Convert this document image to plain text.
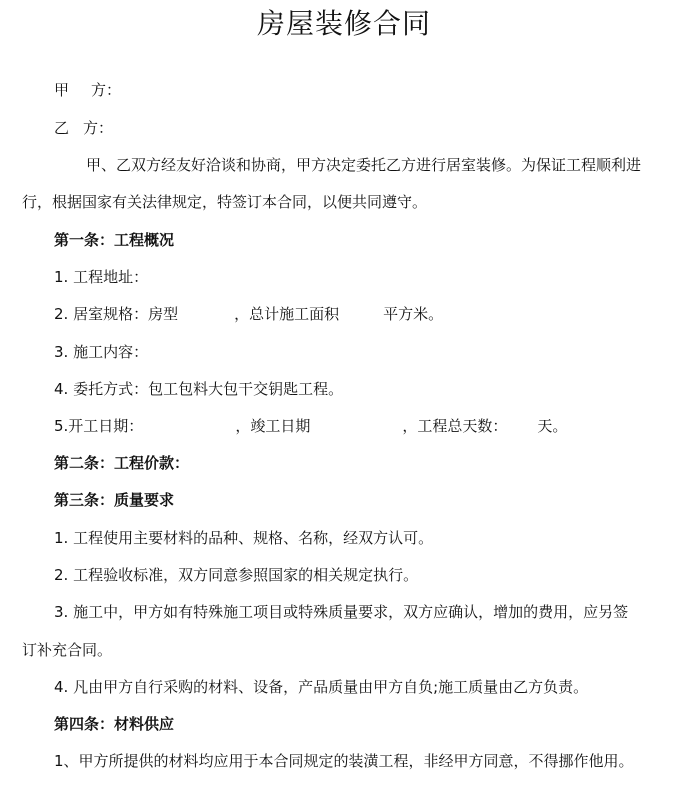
房屋装修合同
甲 方：
乙 方：
甲、乙双方经友好洽谈和协商，甲方决定委托乙方进行居室装修。为保证工程顺利进
行，根据国家有关法律规定，特签订本合同，以便共同遵守。
第一条：工程概况
1. 工程地址：
2. 居室规格：房型	，总计施工面积	平方米。
3. 施工内容：
4. 委托方式：包工包料大包干交钥匙工程。
5.开工日期：	，竣工日期	，工程总天数： 天。
第二条：工程价款：
第三条：质量要求
1. 工程使用主要材料的品种、规格、名称，经双方认可。
2. 工程验收标准，双方同意参照国家的相关规定执行。
3. 施工中，甲方如有特殊施工项目或特殊质量要求，双方应确认，增加的费用，应另签
订补充合同。
4. 凡由甲方自行采购的材料、设备，产品质量由甲方自负;施工质量由乙方负责。
第四条：材料供应
1、甲方所提供的材料均应用于本合同规定的装潢工程，非经甲方同意，不得挪作他用。
